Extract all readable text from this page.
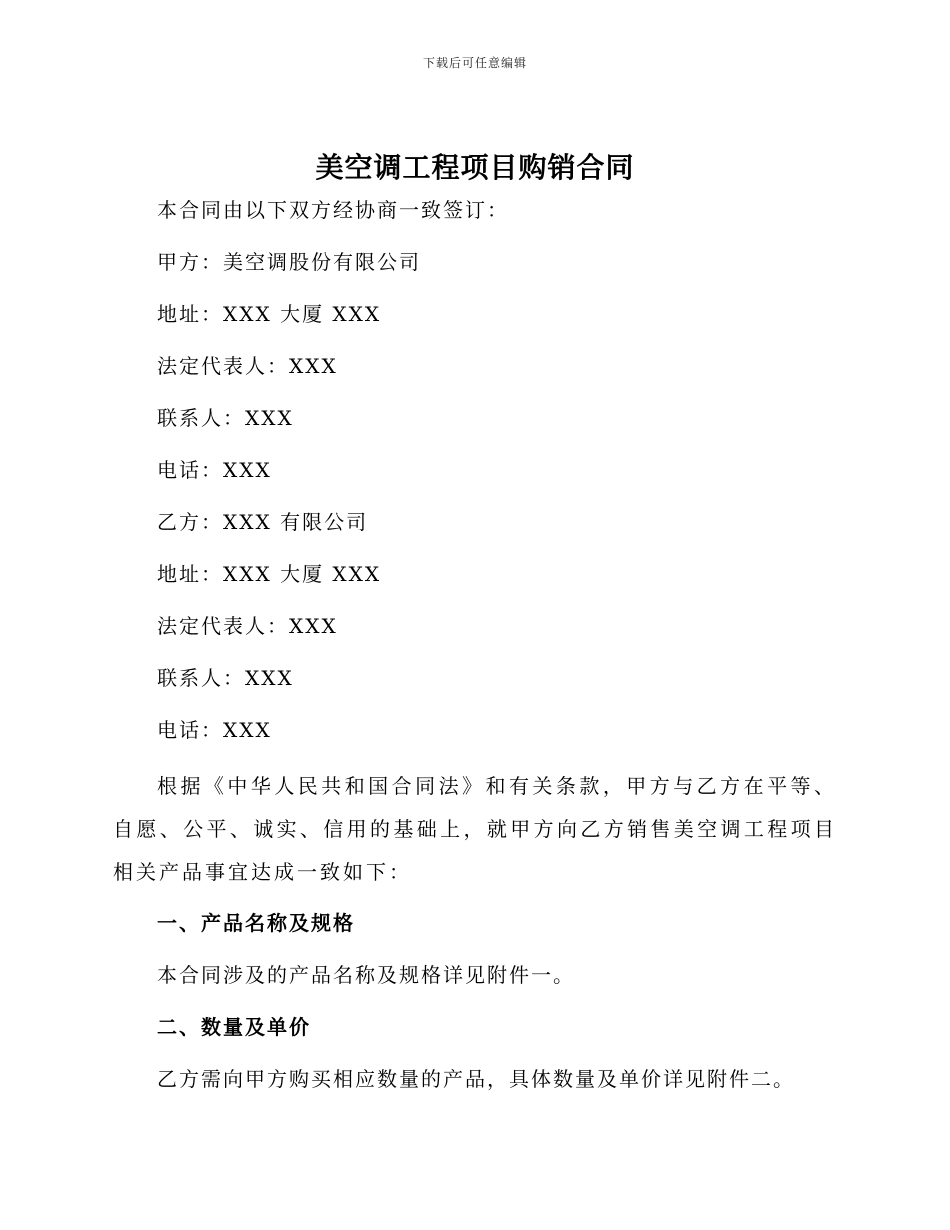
下载后可任意编辑
美空调工程项目购销合同

本合同由以下双方经协商一致签订：

甲方：美空调股份有限公司

地址：XXX 大厦 XXX

法定代表人：XXX

联系人：XXX

电话：XXX

乙方：XXX 有限公司

地址：XXX 大厦 XXX

法定代表人：XXX

联系人：XXX

电话：XXX

根据《中华人民共和国合同法》和有关条款，甲方与乙方在平等、自愿、公平、诚实、信用的基础上，就甲方向乙方销售美空调工程项目相关产品事宜达成一致如下：

一、产品名称及规格

本合同涉及的产品名称及规格详见附件一。

二、数量及单价

乙方需向甲方购买相应数量的产品，具体数量及单价详见附件二。
